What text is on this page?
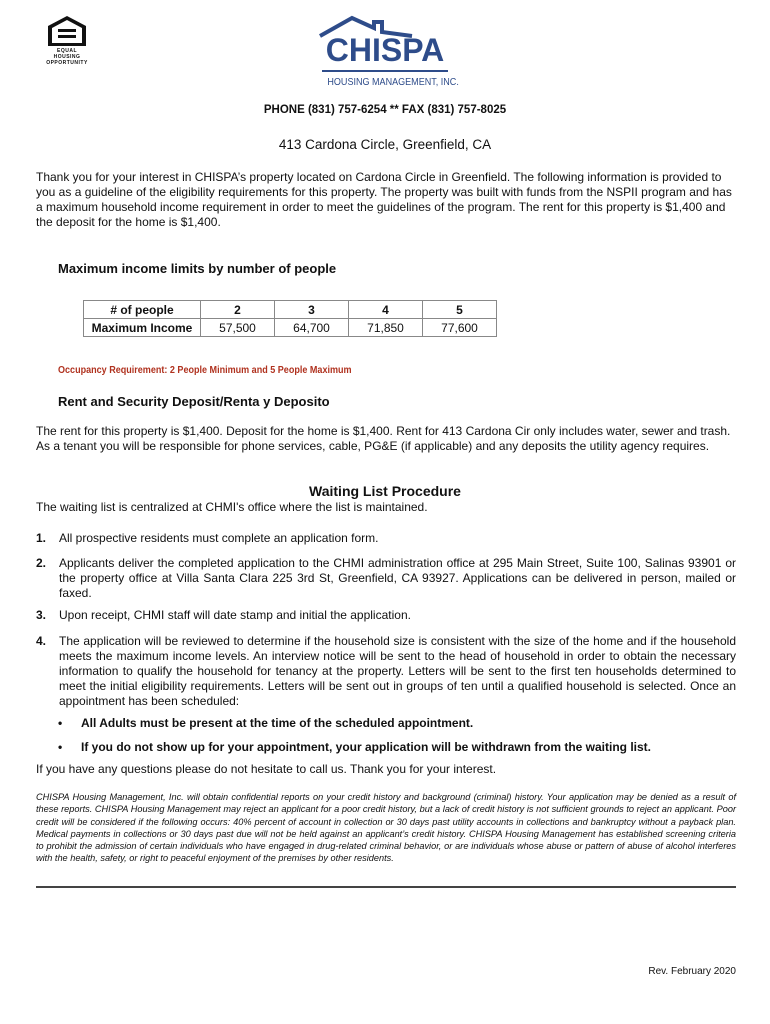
EQUAL HOUSING
OPPORTUNITY	CHISPA
HOUSING MANAGEMENT, INC.
PHONE (831) 757-6254 ** FAX (831) 757-8025
413 Cardona Circle, Greenfield, CA
Thank you for your interest in CHISPA’s property located on Cardona Circle in Greenfield. The following information is provided to you as a guideline of the eligibility requirements for this property. The property was built with funds from the NSPII program and has a maximum household income requirement in order to meet the guidelines of the program. The rent for this property is $1,400 and the deposit for the home is $1,400.
Maximum income limits by number of people
# of people	2	3	4	5
Maximum Income	57,500	64,700	71,850	77,600
Occupancy Requirement: 2 People Minimum and 5 People Maximum
Rent and Security Deposit/Renta y Deposito
The rent for this property is $1,400. Deposit for the home is $1,400. Rent for 413 Cardona Cir only includes water, sewer and trash. As a tenant you will be responsible for phone services, cable, PG&E (if applicable) and any deposits the utility agency requires.
Waiting List Procedure
The waiting list is centralized at CHMI's office where the list is maintained.
1. All prospective residents must complete an application form.
2. Applicants deliver the completed application to the CHMI administration office at 295 Main Street, Suite 100, Salinas 93901 or the property office at Villa Santa Clara 225 3rd St, Greenfield, CA 93927. Applications can be delivered in person, mailed or faxed.
3. Upon receipt, CHMI staff will date stamp and initial the application.
4. The application will be reviewed to determine if the household size is consistent with the size of the home and if the household meets the maximum income levels. An interview notice will be sent to the head of household in order to obtain the necessary information to qualify the household for tenancy at the property. Letters will be sent to the first ten households determined to meet the initial eligibility requirements. Letters will be sent out in groups of ten until a qualified household is selected. Once an appointment has been scheduled:
• All Adults must be present at the time of the scheduled appointment.
• If you do not show up for your appointment, your application will be withdrawn from the waiting list.
If you have any questions please do not hesitate to call us. Thank you for your interest.
CHISPA Housing Management, Inc. will obtain confidential reports on your credit history and background (criminal) history. Your application may be denied as a result of these reports. CHISPA Housing Management may reject an applicant for a poor credit history, but a lack of credit history is not sufficient grounds to reject an applicant. Poor credit will be considered if the following occurs: 40% percent of account in collection or 30 days past utility accounts in collections and bankruptcy without a payback plan. Medical payments in collections or 30 days past due will not be held against an applicant’s credit history. CHISPA Housing Management has established screening criteria to prohibit the admission of certain individuals who have engaged in drug-related criminal behavior, or are individuals whose abuse or pattern of abuse of alcohol interferes with the health, safety, or right to peaceful enjoyment of the premises by other residents.
Rev. February 2020
